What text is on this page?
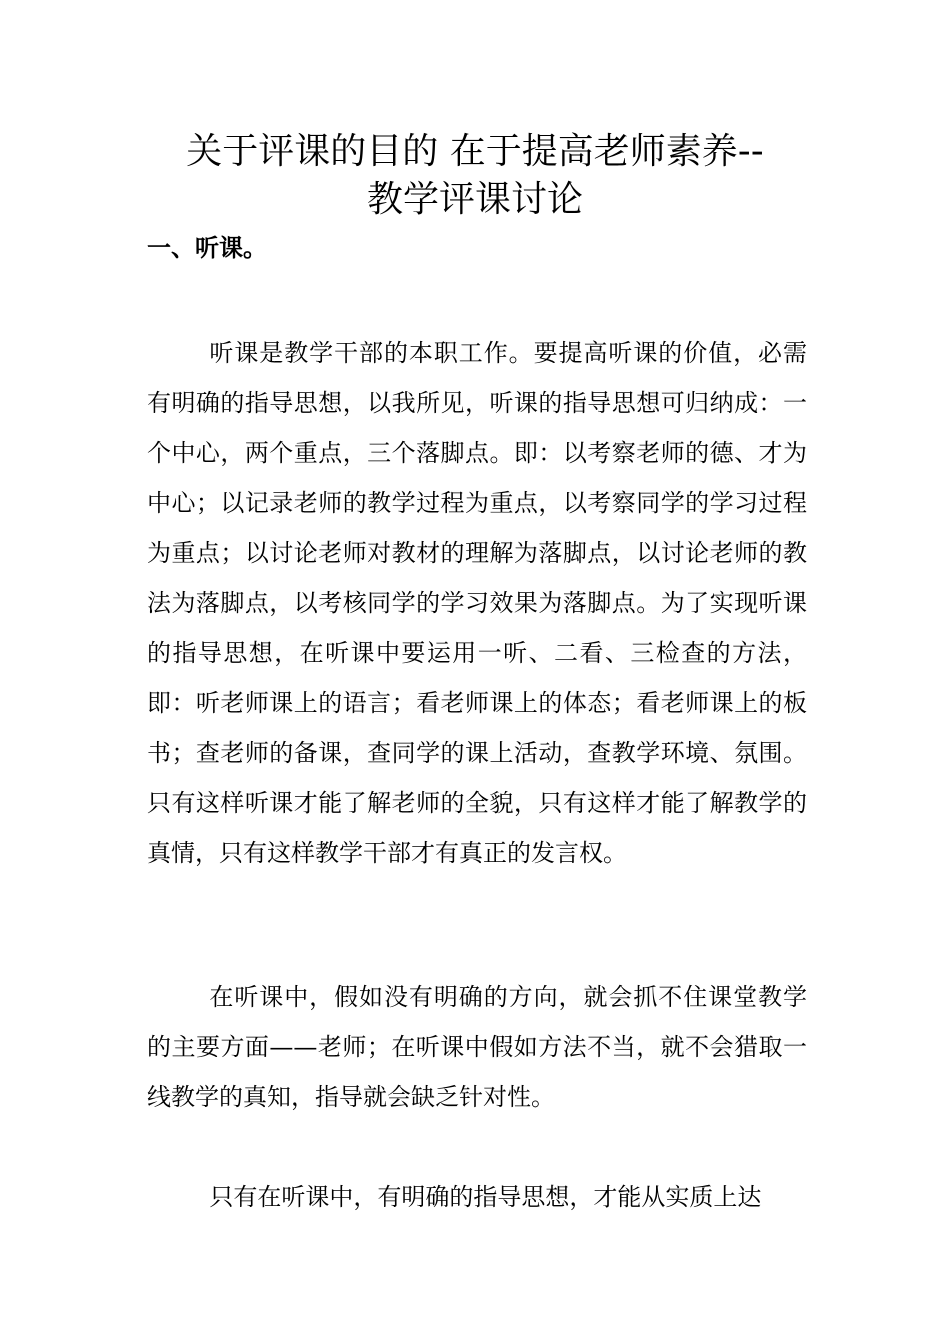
关于评课的目的 在于提高老师素养--
教学评课讨论
一、听课。

听课是教学干部的本职工作。要提高听课的价值，必需有明确的指导思想，以我所见，听课的指导思想可归纳成：一个中心，两个重点，三个落脚点。即：以考察老师的德、才为中心；以记录老师的教学过程为重点，以考察同学的学习过程为重点；以讨论老师对教材的理解为落脚点，以讨论老师的教法为落脚点，以考核同学的学习效果为落脚点。为了实现听课的指导思想，在听课中要运用一听、二看、三检查的方法，即：听老师课上的语言；看老师课上的体态；看老师课上的板书；查老师的备课，查同学的课上活动，查教学环境、氛围。只有这样听课才能了解老师的全貌，只有这样才能了解教学的真情，只有这样教学干部才有真正的发言权。

在听课中，假如没有明确的方向，就会抓不住课堂教学的主要方面——老师；在听课中假如方法不当，就不会猎取一线教学的真知，指导就会缺乏针对性。

只有在听课中，有明确的指导思想，才能从实质上达
